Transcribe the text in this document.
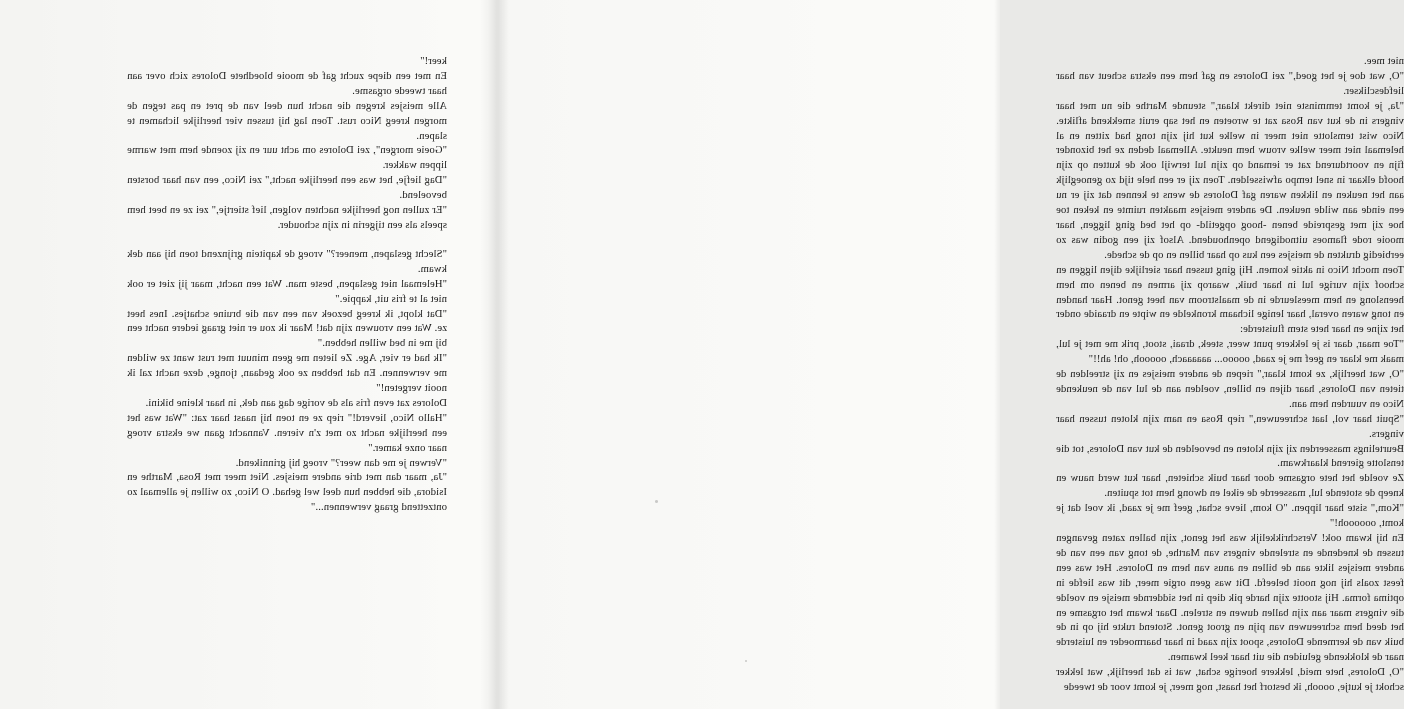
keer!"

En met een diepe zucht gaf de mooie bloedhete Dolores zich over aan haar tweede orgasme.

Alle meisjes kregen die nacht hun deel van de pret en pas tegen de morgen kreeg Nico rust. Toen lag hij tussen vier heerlijke lichamen te slapen.

"Goeie morgen", zei Dolores om acht uur en zij zoende hem met warme lippen wakker.

"Dag liefje, het was een heerlijke nacht," zei Nico, een van haar borsten bevoelend.

"Er zullen nog heerlijke nachten volgen, lief stiertje," zei ze en beet hem speels als een tijgerin in zijn schouder.

"Slecht geslapen, meneer?" vroeg de kapitein grijnzend toen hij aan dek kwam.

"Helemaal niet geslapen, beste man. Wat een nacht, maar jij ziet er ook niet al te fris uit, kappie."

"Dat klopt, ik kreeg bezoek van een van die bruine schatjes. Ines heet ze. Wat een vrouwen zijn dat! Maar ik zou er niet graag iedere nacht een bij me in bed willen hebben."

"Ik had er vier, Age. Ze lieten me geen minuut met rust want ze wilden me verwennen. En dat hebben ze ook gedaan, tjonge, deze nacht zal ik nooit vergeten!"

Dolores zat even fris als de vorige dag aan dek, in haar kleine bikini.

"Hallo Nico, lieverd!" riep ze en toen hij naast haar zat: "Wat was het een heerlijke nacht zo met z'n vieren. Vannacht gaan we ekstra vroeg naar onze kamer."

"Verwen je me dan weer?" vroeg hij grinnikend.

"Ja, maar dan met drie andere meisjes. Niet meer met Rosa, Marthe en Isidora, die hebben hun deel wel gehad. O Nico, zo willen je allemaal zo ontzettend graag verwennen..."

niet mee.

"O, wat doe je het goed," zei Dolores en gaf hem een ekstra scheut van haar liefdesclikser.

"Ja, je komt temminste niet direkt klaar," steunde Marthe die nu met haar vingers in de kut van Rosa zat te wroeten en het sap eruit smekkend aflikte. Nico wist temslotte niet meer in welke kut hij zijn tong had zitten en al helemaal niet meer welke vrouw hem neukte. Allemaal deden ze het bizonder fijn en voortdurend zat er iemand op zijn lul terwijl ook de kutten op zijn hoofd elkaar in snel tempo afwisselden. Toen zij er een hele tijd zo genoeglijk aan het neuken en likken waren gaf Dolores de wens te kennen dat zij er nu een einde aan wilde neuken. De andere meisjes maakten ruimte en keken toe hoe zij met gespreide benen -hoog opgetild- op het bed ging liggen, haar mooie rode flamoes uitnodigend openhoudend. Alsof zij een godin was zo eerbiedig drukten de meisjes een kus op haar billen en op de schede.

Toen mocht Nico in aktie komen. Hij ging tussen haar sierlijke dijen liggen en schoof zijn vurige lul in haar buik, waarop zij armen en benen om hem heenslong en hem meesleurde in de maalstroom van heet genot. Haar handen en tong waren overal, haar lenige lichaam kronkelde en wipte en draaide onder het zijne en haar hete stem fluisterde:

"Toe maar, daar is je lekkere punt weer, steek, draai, stoot, prik me met je lul, maak me klaar en geef me je zaad, ooooo... aaaaaach, oooooh, oh! ah!!"

"O, wat heerlijk, ze komt klaar," riepen de andere meisjes en zij streelden de tieten van Dolores, haar dijen en billen, voelden aan de lul van de neukende Nico en vuurden hem aan.

"Spuit haar vol, laat schreeuwen," riep Rosa en nam zijn kloten tussen haar vingers.

Beurtelings masseerden zij zijn kloten en bevoelden de kut van Dolores, tot die tenslotte gierend klaarkwam.

Ze voelde het hete orgasme door haar buik schieten, haar kut werd nauw en kneep de stotende lul, masseerde de eikel en dwong hem tot spuiten.

"Kom," siste haar lippen. "O kom, lieve schat, geef me je zaad, ik voel dat je komt, ooooooh!"

En hij kwam ook! Verschrikkelijk was het genot, zijn ballen zaten gevangen tussen de knedende en strelende vingers van Marthe, de tong van een van de andere meisjes likte aan de billen en anus van hem en Dolores. Het was een feest zoals hij nog nooit beleefd. Dit was geen orgie meer, dit was liefde in optima forma. Hij stootte zijn harde pik diep in het siddernde meisje en voelde die vingers maar aan zijn ballen duwen en strelen. Daar kwam het orgasme en het deed hem schreeuwen van pijn en groot genot. Stotend rukte hij op in de buik van de kermende Dolores, spoot zijn zaad in haar baarmoeder en luisterde naar de klokkende geluiden die uit haar keel kwamen.

"O, Dolores, hete meid, lekkere hoerige schat, wat is dat heerlijk, wat lekker schokt je kutje, ooooh, ik bestorf het haast, nog meer, je komt voor de tweede
